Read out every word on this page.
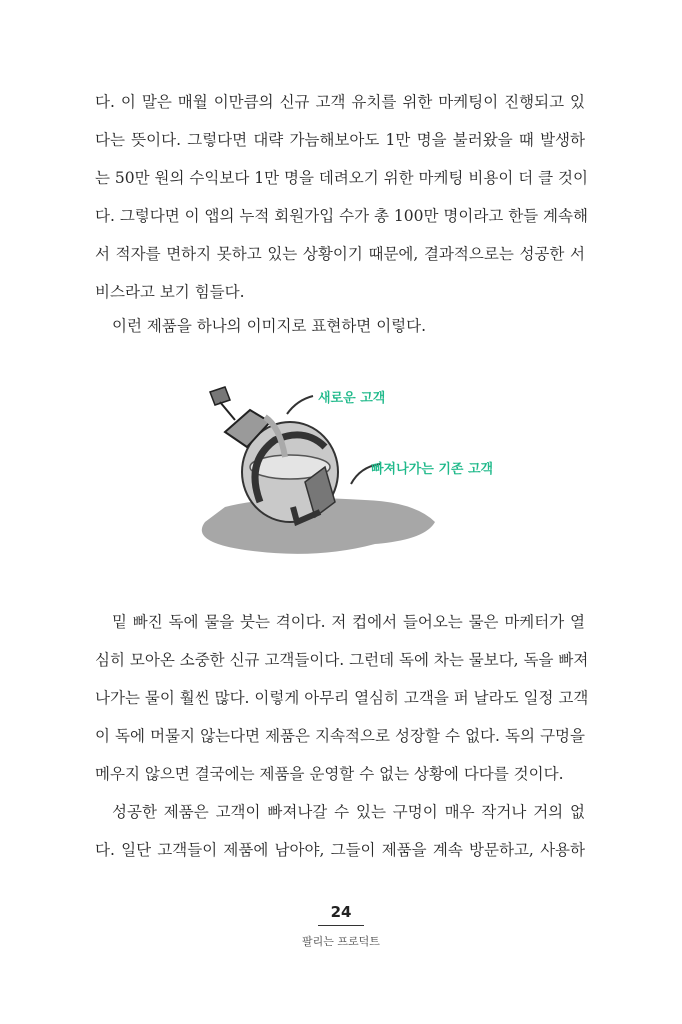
다. 이 말은 매월 이만큼의 신규 고객 유치를 위한 마케팅이 진행되고 있
다는 뜻이다. 그렇다면 대략 가늠해보아도 1만 명을 불러왔을 때 발생하
는 50만 원의 수익보다 1만 명을 데려오기 위한 마케팅 비용이 더 클 것이
다. 그렇다면 이 앱의 누적 회원가입 수가 총 100만 명이라고 한들 계속해
서 적자를 면하지 못하고 있는 상황이기 때문에, 결과적으로는 성공한 서
비스라고 보기 힘들다.
이런 제품을 하나의 이미지로 표현하면 이렇다.
새로운 고객
빠져나가는 기존 고객
밑 빠진 독에 물을 붓는 격이다. 저 컵에서 들어오는 물은 마케터가 열
심히 모아온 소중한 신규 고객들이다. 그런데 독에 차는 물보다, 독을 빠져
나가는 물이 훨씬 많다. 이렇게 아무리 열심히 고객을 퍼 날라도 일정 고객
이 독에 머물지 않는다면 제품은 지속적으로 성장할 수 없다. 독의 구멍을
메우지 않으면 결국에는 제품을 운영할 수 없는 상황에 다다를 것이다.
성공한 제품은 고객이 빠져나갈 수 있는 구멍이 매우 작거나 거의 없
다. 일단 고객들이 제품에 남아야, 그들이 제품을 계속 방문하고, 사용하
24
팔리는 프로덕트
